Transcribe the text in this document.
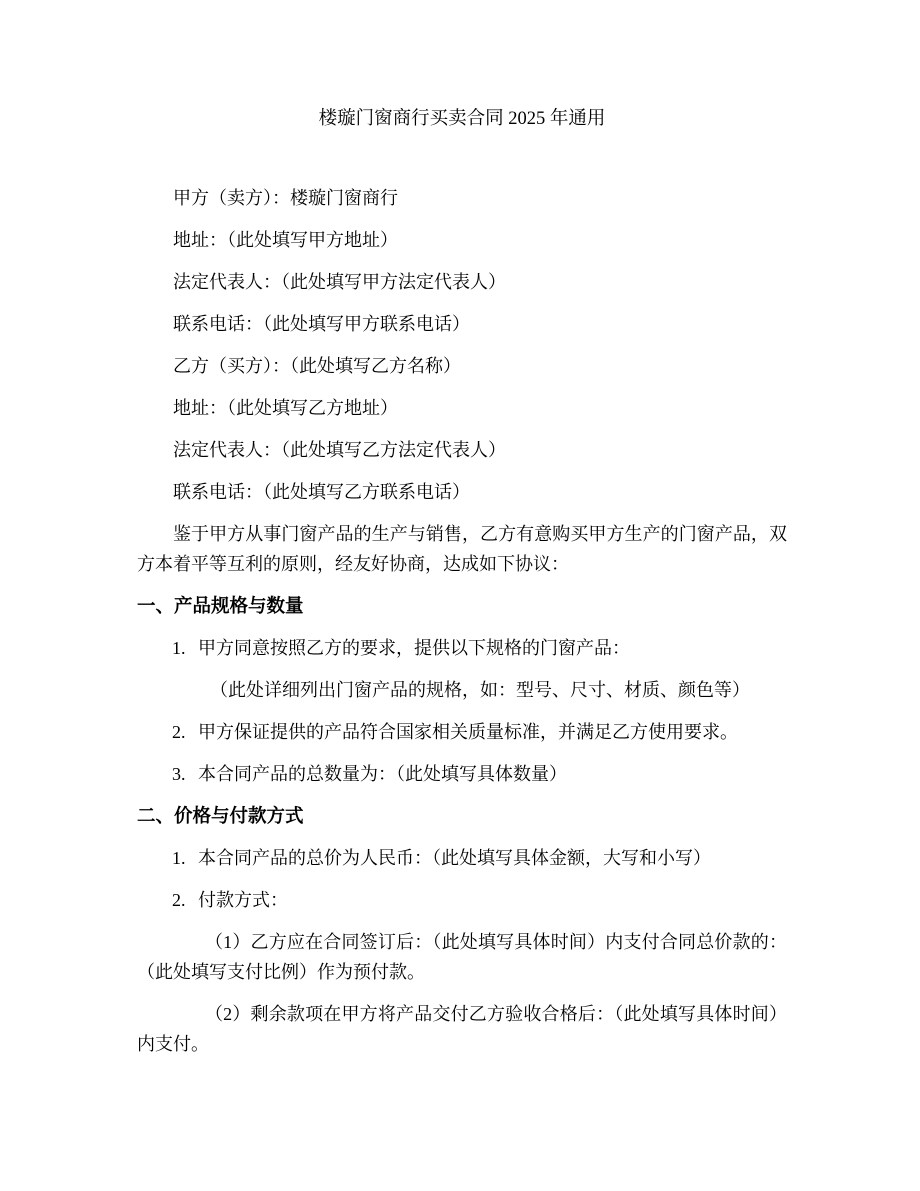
楼璇门窗商行买卖合同 2025 年通用

甲方（卖方）：楼璇门窗商行

地址：（此处填写甲方地址）

法定代表人：（此处填写甲方法定代表人）

联系电话：（此处填写甲方联系电话）

乙方（买方）：（此处填写乙方名称）

地址：（此处填写乙方地址）

法定代表人：（此处填写乙方法定代表人）

联系电话：（此处填写乙方联系电话）

鉴于甲方从事门窗产品的生产与销售，乙方有意购买甲方生产的门窗产品，双方本着平等互利的原则，经友好协商，达成如下协议：

一、产品规格与数量

1. 甲方同意按照乙方的要求，提供以下规格的门窗产品：

（此处详细列出门窗产品的规格，如：型号、尺寸、材质、颜色等）

2. 甲方保证提供的产品符合国家相关质量标准，并满足乙方使用要求。

3. 本合同产品的总数量为：（此处填写具体数量）

二、价格与付款方式

1. 本合同产品的总价为人民币：（此处填写具体金额，大写和小写）

2. 付款方式：

（1）乙方应在合同签订后：（此处填写具体时间）内支付合同总价款的：（此处填写支付比例）作为预付款。

（2）剩余款项在甲方将产品交付乙方验收合格后：（此处填写具体时间）内支付。
